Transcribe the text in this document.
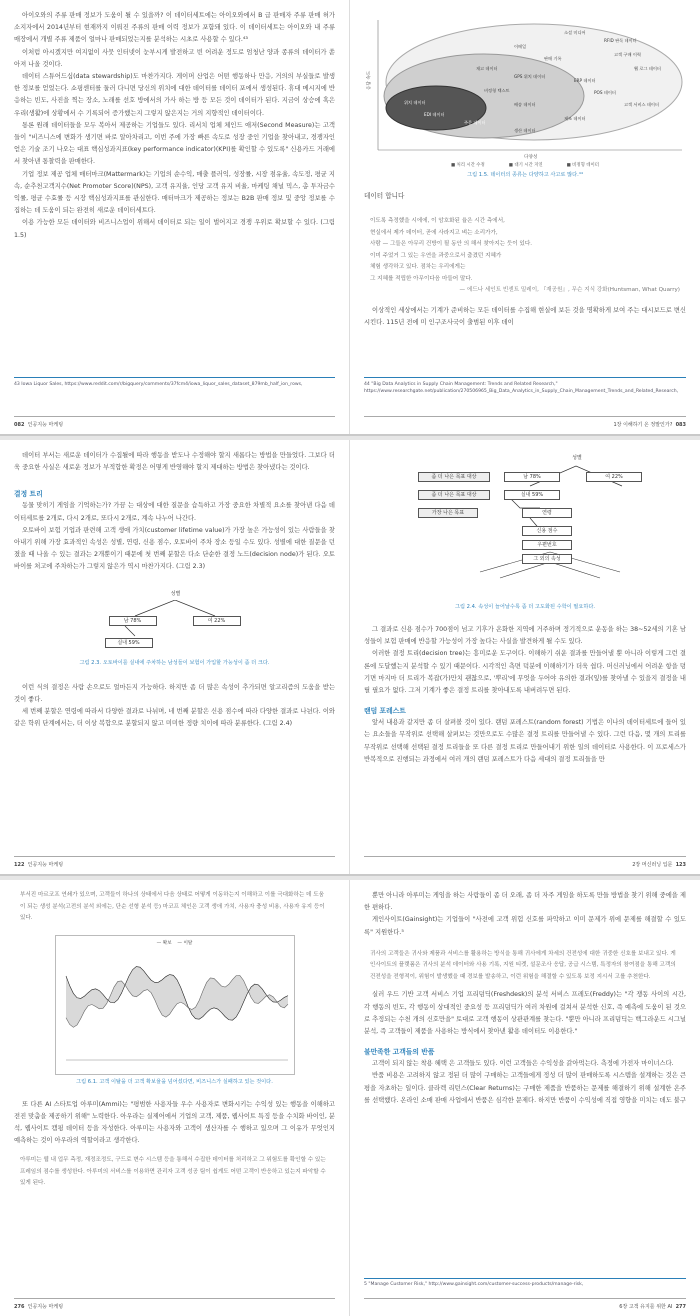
아이오와의 주류 판매 정보가 도움이 될 수 있을까? 이 데이터세트에는 아이오와에서 B 급 판매자 주류 판매 허가 소지자에서 2014년부터 현재까지 이뤄진 주류의 판매 이력 정보가 포함돼 있다. 이 데이터세트는 아이오와 내 주류 매장에서 개별 주류 제품이 얼마나 판매되었는지를 분석하는 시초로 사용할 수 있다.⁴³

이처럼 아시겠지만 여지없이 사뭇 인터넷이 눈부시게 발전하고 빈 어려운 정도로 엄청난 양과 종류의 데이터가 쏟아져 나올 것이다.

데이터 스튜어드십(data stewardship)도 마찬가지다. 게이머 산업은 어떤 행동하나 만응, 거의의 부실들로 발생한 정보를 얻었는다. 쇼핑센터를 둘러 다니면 당신의 위치에 대한 데이터를 데이터 포에서 생성된다. 휴대 메시지에 반응하는 빈도, 사진을 찍는 장소, 노래를 선호 방에서의 가사 하는 방 등 모든 것이 데이터가 된다. 지금이 상승에 혹은 우리(생활)에 상황에서 수 기록되어 증가했는지 그렇지 않은지는 거의 지향적인 데이터이다.

통론 원래 데이터들을 모두 복아서 제공하는 기업들도 있다. 리서치 업체 체인드 애저(Second Measure)는 고객들이 "비즈니스에 변화가 생기면 바로 알아차리고, 이번 주에 가장 빠른 속도로 성장 중인 기업을 찾아내고, 경쟁자인 얻은 기술 조기 나오는 대표 핵심성과지표(key performance indicator)(KPI)를 확인할 수 있도록" 신용카드 거래에서 찾아낸 통찰력을 판매한다.

기업 정보 제공 업체 매터마크(Mattermark)는 기업의 순수익, 매출 플러익, 성장률, 시장 점유율, 속도정, 평균 지속, 순추천고객지수(Net Promoter Score)(NPS), 고객 유지율, 인당 고객 유지 비율, 마케팅 채널 믹스, 총 투자금수익률, 평균 수효률 등 시장 핵심성과지표를 관심한다. 매터마크가 제공하는 정보는 B2B 판매 정보 및 중앙 정보를 수집하는 데 도움이 되는 완전히 새로운 데이터세트다.

이용 가능한 모든 데이터와 비즈니스업이 위해서 데이터로 되는 일이 벌어지고 경쟁 우위로 확보할 수 있다. (그림 1.5)

43 Iowa Liquor Sales, https://www.reddit.com/r/bigquery/comments/37fcm4/iowa_liquor_sales_dataset_879mb_half_ion_rows,
082 인공지능 마케팅
소셜 미디어
RFID 판독 데이터
이메일
고객 구매 이력
판매 기록
웹 로그 데이터
재고 데이터
GPS 위치 데이터
ERP 데이터
위치 데이터
비정형 텍스트	POS 데이터
EDI 데이터
배송 데이터	고객 서비스 데이터
주문 데이터
제조 데이터
생산 데이터
응답 속도
다양성
■ 처리 시간 수정	■ 대기 시간 지연	■ 비정형 데이터

그림 1.5. 데이터의 종류는 다양하고 사고로 많다.⁴⁴

데이터 합니다

이도록 측정했을 시에에, 이 암호화된 율은 시간 측에서,

현실에서 제가 데이터, 곧에 사라지고 벼는 소리가가,

사람 — 그들은 아무리 건방이 될 동안 의 해서 찾아지는 듯이 있다.

이미 주었거 그 있는 우연을 과중으로서 춤겼던 지혜가

체험 생각하고 있다. 점차는 우리에게는

그 지혜를 적립한 아무이다음 마들어 말다.

— 에드나 세인트 빈센트 밀레이, 『재공원』, 무슨 지식 강화(Huntsman, What Quarry)

이상적인 세상에서는 기계가 준비하는 모든 데이터를 수집해 현실에 보든 것을 명확하게 보여 주는 대시보드로 변신시킨다. 115년 전에 미 인구조사국이 출범된 이후 데이

44 "Big Data Analytics in Supply Chain Management: Trends and Related Research," https://www.researchgate.net/publication/270506965_Big_Data_Analytics_in_Supply_Chain_Management_Trends_and_Related_Research,
1장 이해하기 온 정말인가? 083

데이터 부서는 새로운 데이터가 수집될에 따라 행동을 받도나 수정해야 할지 새롭다는 방법을 만들었다. 그보다 더욱 중요한 사실은 새로운 정보가 부적합한 확정은 어떻게 반영해야 할지 제대하는 방법은 찾아냈다는 것이다.

결정 트리

동물 맞히기 게임을 기억하는가? 가끔 는 대상에 대한 질문을 습득하고 가장 중요한 차별적 요소를 찾아낸 다음 데이터세트를 2개로, 다시 2개로, 또다시 2개로, 계속 나누어 나간다.

오토바이 보험 기업과 판련해 고객 생애 가치(customer lifetime value)가 가장 높은 가능성이 있는 사람들을 찾아내기 위해 가장 효과적인 속성은 성별, 연령, 신용 점수, 오토바이 주차 장소 등일 수도 있다. 성별에 대한 질문을 던졌을 때 나올 수 있는 결과는 2개뿐이기 때문에 첫 번째 분할은 다소 단순한 결정 노드(decision node)가 된다. 오토바이를 처고에 주차하는가 그렇지 않은가 역시 마찬가지다. (그림 2.3)

성별
남 78%	여 22%
실내 59%

그림 2.3. 오토바이를 실내에 주차하는 남성들이 보험이 가입할 가능성이 좀 더 크다.

이런 식의 결정은 사람 손으로도 얼마든지 가능하다. 하지만 좀 더 많은 속성이 추가되면 알고리즘의 도움을 받는 것이 좋다.

세 번째 분할은 연령에 따라서 다양한 결과로 나뉘며, 네 번째 분할은 신용 점수에 따라 다양한 결과로 나뉜다. 이와 같은 학위 단계에서는, 더 이상 복합으로 분할되지 않고 미미한 정량 치이에 따라 분류한다. (그림 2.4)

122 인공지능 마케팅
성별
좀 더 나은 목표 대상	남 78%	여 22%
좀 더 나은 목표 대상	실내 59%
가장 나은 목표	연령
신용 점수
우편번호
그 외의 속성

그림 2.4. 속성이 늘어날수록 좀 더 고도화된 수학이 필요하다.

그 결과로 신용 점수가 700점이 넘고 기후가 온화한 지역에 거주하며 정기적으로 운동을 하는 38~52세의 기혼 남성들이 보험 판매에 반응할 가능성이 가장 높다는 사실을 발견하게 될 수도 있다.

이러한 결정 트리(decision tree)는 흥미로운 도구이다. 이해하기 쉬운 결과를 만들어낼 뿐 아니라 이렇게 그런 결론에 도달했는지 분석할 수 있기 때문이다. 시각적인 측면 덕분에 이해하기가 더욱 쉽다. 머신러닝에서 어려운 항을 덩기면 마지마 더 트리가 복잡(가)만치 괜찮으로, '뿌리'에 무엇을 두어야 유의한 결과(잎)를 찾아낼 수 있을지 결정을 내릴 필요가 없다. 그저 기계가 좋은 결정 트리를 찾아내도록 내버려두면 된다.

랜덤 포레스트

앞서 내용과 같지만 좀 더 살펴볼 것이 있다. 랜덤 포레스트(random forest) 기법은 이나의 데이터세트에 들어 있는 요소들을 무작위로 선택해 살펴보는 것만으로도 수많은 결정 트리를 만들어낼 수 있다. 그런 다음, 몇 개의 트리를 무작위로 선택해 선택된 결정 트리들을 또 다른 결정 트리로 만들어내기 위한 일의 데이터로 사용한다. 이 프로세스가 반복적으로 진행되는 과정에서 여러 개의 랜덤 포레스트가 다음 세대의 결정 트리들을 만

2장 머신러닝 입문 123

부서진 마르코프 연쇄가 있으며, 고객들이 하나의 상태에서 다음 상태로 어떻게 이동하는지 이해하고 이를 극대화하는 데 도움이 되는 생성 분석(고전의 분석 외에는, 단순 선형 분석 등) 마코프 체인은 고객 생애 가치, 사용자 충성 비용, 사용자 유지 등이 있다.

— 확보 — 이탈

그림 6.1. 고객 이탈을 더 고객 확보율을 넘어섰다면, 비즈니스가 실패하고 있는 것이다.

또 다른 AI 스타트업 아루미(Ammi)는 "평범한 사용자들 우수 사용자로 변화시키는 수익성 있는 행동을 이해하고 전진 맞춤을 제공하기 위해" 노력한다. 아우라는 실제어에서 기업의 고객, 제품, 웹사이트 특징 등을 수치화 바이인, 분석, 웹사이트 캠핑 데이터 등을 자성한다. 아루미는 사용자와 고객이 생산자를 수 행하고 있으며 그 이유가 무엇인지 예측하는 것이 아우라의 역할이라고 생각한다.

아루미는 웹 내 업무 측정, 재정조정도, 구드로 변수 시스템 등을 통해서 수집한 데이터를 처리하고 그 위험도를 확인할 수 있는 프레임의 점수를 생성한다. 아루미의 서비스를 이용하면 관리자 고객 성공 팀이 쉽게도 어떤 고객이 반응하고 있는지 파악할 수 있게 된다.

276 인공지능 마케팅

뿐만 아니라 아루미는 게임을 하는 사람들이 좀 더 오래, 좀 더 자주 게임을 하도록 만들 방법을 찾기 위해 중에을 제한 편하다.

게인사이트(Gainsight)는 기업들이 "사전에 고객 위험 신호를 파악하고 이미 문제가 위에 문제를 해결할 수 있도록" 지원한다.⁵

귀사의 고객들은 귀사와 제품과 서비스를 활용하는 방식을 통해 귀사에게 차세의 건전성에 대한 귀중한 신호를 보내고 있다. 게인사이트의 플랫폼은 귀사의 분석 데이터와 사용 기록, 지원 티켓, 설문조사 응답, 공급 시스템, 특정자의 참여점을 통해 고객의 건전성을 전형적이, 위험이 발생했을 때 경보를 발송하고, 이런 위험을 해결할 수 있도록 보정 지시서 고를 추천한다.

실러 우드 기반 고객 서비스 기업 프리덤딕(Freshdesk)의 분석 서비스 프레도(Freddy)는 "각 쟁동 사이의 시간, 각 행동의 빈도, 각 행동이 상대적인 중요성 등 프리덤딕가 여러 차원에 걸쳐서 분석한 신호, 즉 예측에 도움이 된 것으로 추정되는 수천 개의 신호만을" 토대로 고객 행동이 상관관계를 찾는다. "뿐만 아니라 프리덤딕는 백그라운드 시그널 분석, 즉 고객들이 제품을 사용하는 방식에서 찾아낸 활용 데이터도 이용한다."

불만족한 고객들의 반품

고객이 되지 않는 착용 혜택 은 고객들도 있다. 이런 고객들은 수익성을 갉아먹는다. 측정에 가전자 마이너스다.

반품 비용은 고려하지 않고 정된 더 많이 구매하는 고객들에게 정성 더 많이 판매하도록 시스템을 설계하는 것은 큰 평을 자초하는 일이다. 클라렉 리턴스(Clear Returns)는 구매한 제품을 반품하는 문제를 해결하기 위해 설계한 온주를 선택했다. 온라인 소매 판매 사업에서 반품은 심각한 문제다. 하지만 반품이 수익성에 직접 영향을 미치는 데도 불구

5 "Manage Customer Risk," http://www.gainsight.com/customer-success-products/manage-risk,
6장 고객 유지를 위한 AI 277
